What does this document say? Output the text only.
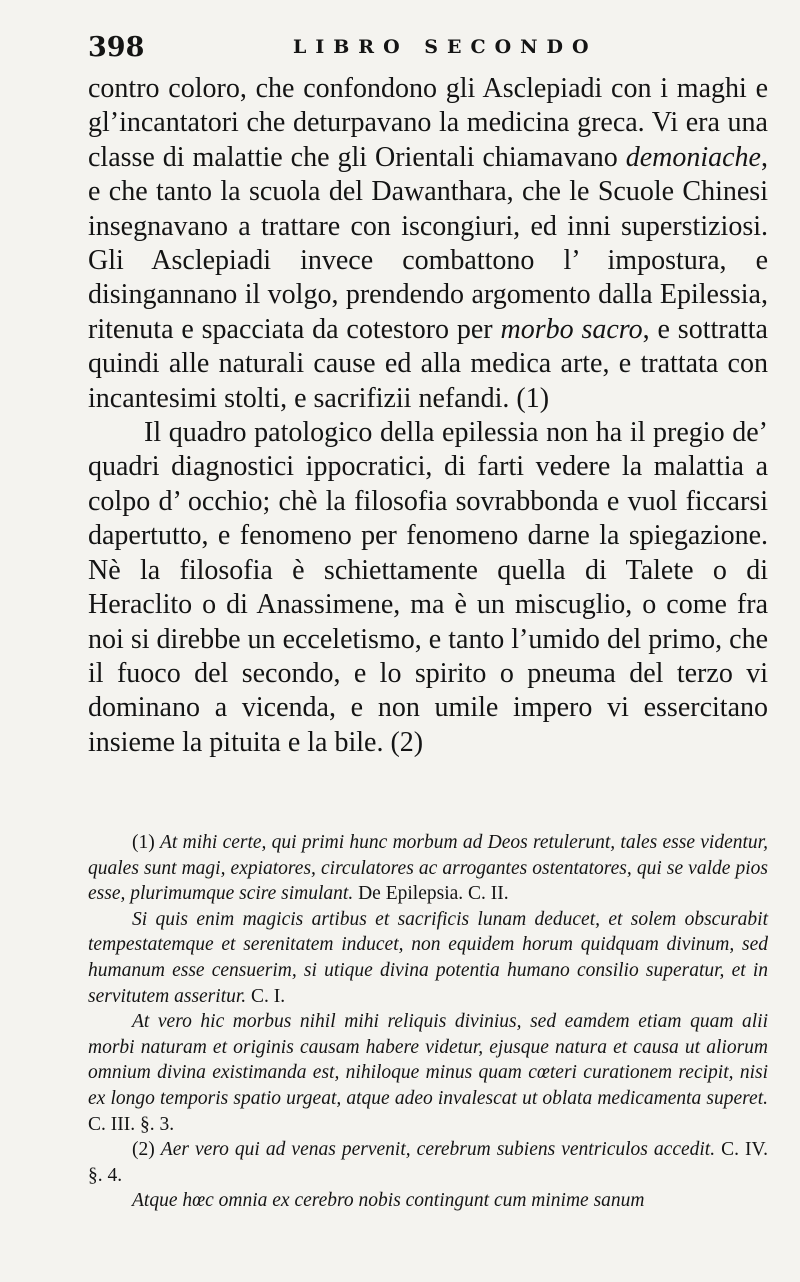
398	LIBRO SECONDO

contro coloro, che confondono gli Asclepiadi con i maghi e gl’incantatori che deturpavano la medicina greca. Vi era una classe di malattie che gli Orientali chiamavano demoniache, e che tanto la scuola del Dawanthara, che le Scuole Chinesi insegnavano a trattare con iscongiuri, ed inni superstiziosi. Gli Asclepiadi invece combattono l’ impostura, e disingannano il volgo, prendendo argomento dalla Epilessia, ritenuta e spacciata da cotestoro per morbo sacro, e sottratta quindi alle naturali cause ed alla medica arte, e trattata con incantesimi stolti, e sacrifizii nefandi. (1)

Il quadro patologico della epilessia non ha il pregio de’ quadri diagnostici ippocratici, di farti vedere la malattia a colpo d’ occhio; chè la filosofia sovrabbonda e vuol ficcarsi dapertutto, e fenomeno per fenomeno darne la spiegazione. Nè la filosofia è schiettamente quella di Talete o di Heraclito o di Anassimene, ma è un miscuglio, o come fra noi si direbbe un ecceletismo, e tanto l’umido del primo, che il fuoco del secondo, e lo spirito o pneuma del terzo vi dominano a vicenda, e non umile impero vi essercitano insieme la pituita e la bile. (2)

(1) At mihi certe, qui primi hunc morbum ad Deos retulerunt, tales esse videntur, quales sunt magi, expiatores, circulatores ac arrogantes ostentatores, qui se valde pios esse, plurimumque scire simulant. De Epilepsia. C. II.

Si quis enim magicis artibus et sacrificis lunam deducet, et solem obscurabit tempestatemque et serenitatem inducet, non equidem horum quidquam divinum, sed humanum esse censuerim, si utique divina potentia humano consilio superatur, et in servitutem asseritur. C. I.

At vero hic morbus nihil mihi reliquis divinius, sed eamdem etiam quam alii morbi naturam et originis causam habere videtur, ejusque natura et causa ut aliorum omnium divina existimanda est, nihiloque minus quam cœteri curationem recipit, nisi ex longo temporis spatio urgeat, atque adeo invalescat ut oblata medicamenta superet. C. III. §. 3.

(2) Aer vero qui ad venas pervenit, cerebrum subiens ventriculos accedit. C. IV. §. 4.

Atque hœc omnia ex cerebro nobis contingunt cum minime sanum
